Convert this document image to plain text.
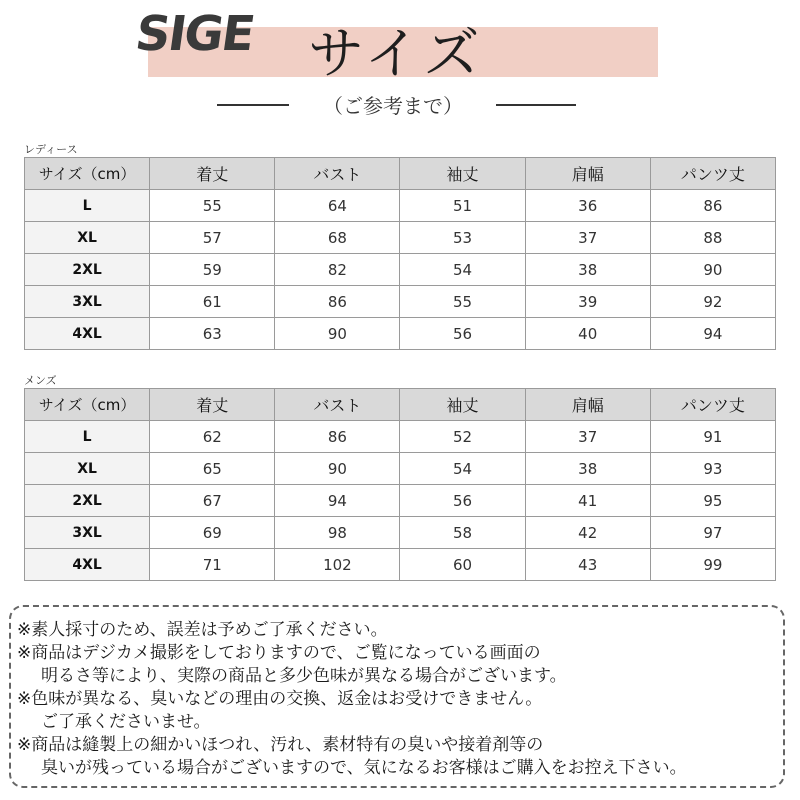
SIGE サイズ
（ご参考まで）
レディース
サイズ（cm）	着丈	バスト	袖丈	肩幅	パンツ丈
L	55	64	51	36	86
XL	57	68	53	37	88
2XL	59	82	54	38	90
3XL	61	86	55	39	92
4XL	63	90	56	40	94
メンズ
サイズ（cm）	着丈	バスト	袖丈	肩幅	パンツ丈
L	62	86	52	37	91
XL	65	90	54	38	93
2XL	67	94	56	41	95
3XL	69	98	58	42	97
4XL	71	102	60	43	99
※素人採寸のため、誤差は予めご了承ください。
※商品はデジカメ撮影をしておりますので、ご覧になっている画面の
明るさ等により、実際の商品と多少色味が異なる場合がございます。
※色味が異なる、臭いなどの理由の交換、返金はお受けできません。
ご了承くださいませ。
※商品は縫製上の細かいほつれ、汚れ、素材特有の臭いや接着剤等の
臭いが残っている場合がございますので、気になるお客様はご購入をお控え下さい。
